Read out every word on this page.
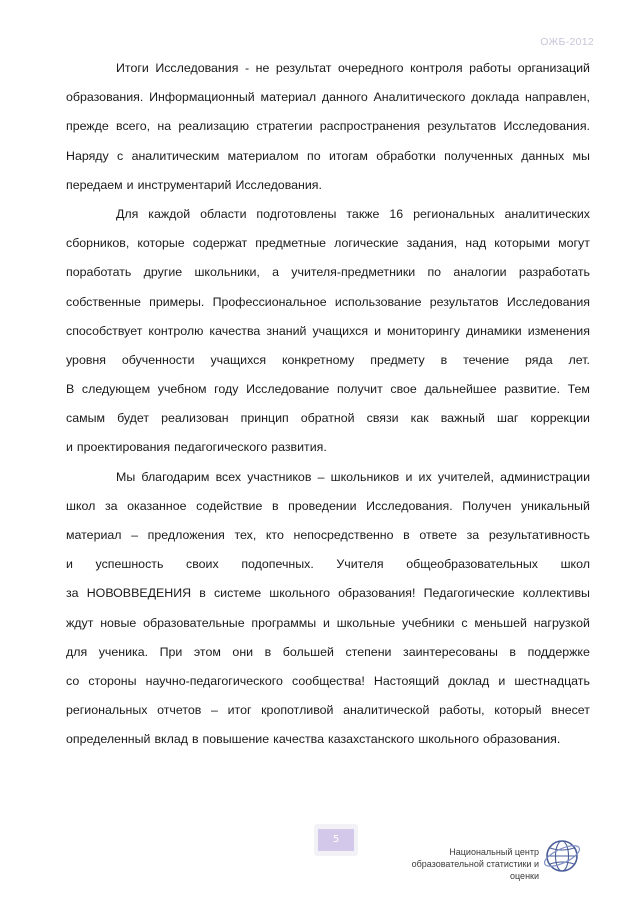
ОЖБ-2012
Итоги Исследования - не результат очередного контроля работы организаций
образования. Информационный материал данного Аналитического доклада направлен,
прежде всего, на реализацию стратегии распространения результатов Исследования.
Наряду с аналитическим материалом по итогам обработки полученных данных мы
передаем и инструментарий Исследования.
Для каждой области подготовлены также 16 региональных аналитических
сборников, которые содержат предметные логические задания, над которыми могут
поработать другие школьники, а учителя-предметники по аналогии разработать
собственные примеры. Профессиональное использование результатов Исследования
способствует контролю качества знаний учащихся и мониторингу динамики изменения
уровня обученности учащихся конкретному предмету в течение ряда лет.
В следующем учебном году Исследование получит свое дальнейшее развитие. Тем
самым будет реализован принцип обратной связи как важный шаг коррекции
и проектирования педагогического развития.
Мы благодарим всех участников – школьников и их учителей, администрации
школ за оказанное содействие в проведении Исследования. Получен уникальный
материал – предложения тех, кто непосредственно в ответе за результативность
и успешность своих подопечных. Учителя общеобразовательных школ
за НОВОВВЕДЕНИЯ в системе школьного образования! Педагогические коллективы
ждут новые образовательные программы и школьные учебники с меньшей нагрузкой
для ученика. При этом они в большей степени заинтересованы в поддержке
со стороны научно-педагогического сообщества! Настоящий доклад и шестнадцать
региональных отчетов – итог кропотливой аналитической работы, который внесет
определенный вклад в повышение качества казахстанского школьного образования.
5
Национальный центр
образовательной статистики и оценки
